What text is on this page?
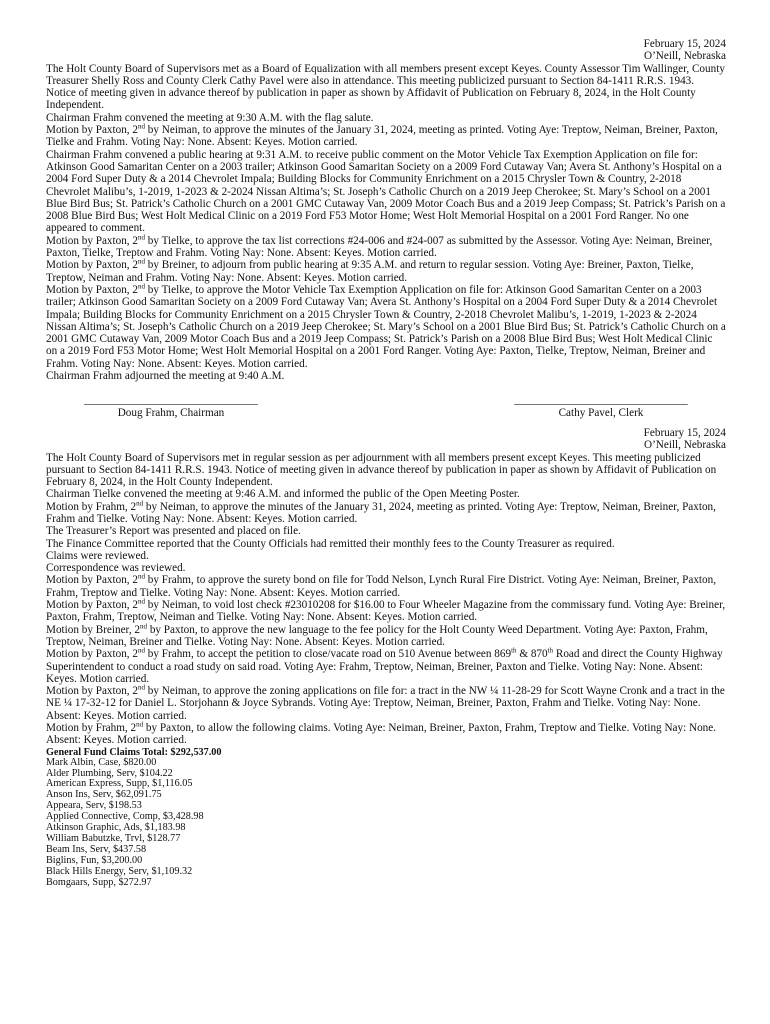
February 15, 2024

O’Neill, Nebraska

The Holt County Board of Supervisors met as a Board of Equalization with all members present except Keyes. County Assessor Tim Wallinger, County Treasurer Shelly Ross and County Clerk Cathy Pavel were also in attendance. This meeting publicized pursuant to Section 84-1411 R.R.S. 1943. Notice of meeting given in advance thereof by publication in paper as shown by Affidavit of Publication on February 8, 2024, in the Holt County Independent.

Chairman Frahm convened the meeting at 9:30 A.M. with the flag salute.

Motion by Paxton, 2nd by Neiman, to approve the minutes of the January 31, 2024, meeting as printed. Voting Aye: Treptow, Neiman, Breiner, Paxton, Tielke and Frahm. Voting Nay: None. Absent: Keyes. Motion carried.

Chairman Frahm convened a public hearing at 9:31 A.M. to receive public comment on the Motor Vehicle Tax Exemption Application on file for: Atkinson Good Samaritan Center on a 2003 trailer; Atkinson Good Samaritan Society on a 2009 Ford Cutaway Van; Avera St. Anthony’s Hospital on a 2004 Ford Super Duty & a 2014 Chevrolet Impala; Building Blocks for Community Enrichment on a 2015 Chrysler Town & Country, 2-2018 Chevrolet Malibu’s, 1-2019, 1-2023 & 2-2024 Nissan Altima’s; St. Joseph’s Catholic Church on a 2019 Jeep Cherokee; St. Mary’s School on a 2001 Blue Bird Bus; St. Patrick’s Catholic Church on a 2001 GMC Cutaway Van, 2009 Motor Coach Bus and a 2019 Jeep Compass; St. Patrick’s Parish on a 2008 Blue Bird Bus; West Holt Medical Clinic on a 2019 Ford F53 Motor Home; West Holt Memorial Hospital on a 2001 Ford Ranger. No one appeared to comment.

Motion by Paxton, 2nd by Tielke, to approve the tax list corrections #24-006 and #24-007 as submitted by the Assessor. Voting Aye: Neiman, Breiner, Paxton, Tielke, Treptow and Frahm. Voting Nay: None. Absent: Keyes. Motion carried.

Motion by Paxton, 2nd by Breiner, to adjourn from public hearing at 9:35 A.M. and return to regular session. Voting Aye: Breiner, Paxton, Tielke, Treptow, Neiman and Frahm. Voting Nay: None. Absent: Keyes. Motion carried.

Motion by Paxton, 2nd by Tielke, to approve the Motor Vehicle Tax Exemption Application on file for: Atkinson Good Samaritan Center on a 2003 trailer; Atkinson Good Samaritan Society on a 2009 Ford Cutaway Van; Avera St. Anthony’s Hospital on a 2004 Ford Super Duty & a 2014 Chevrolet Impala; Building Blocks for Community Enrichment on a 2015 Chrysler Town & Country, 2-2018 Chevrolet Malibu’s, 1-2019, 1-2023 & 2-2024 Nissan Altima’s; St. Joseph’s Catholic Church on a 2019 Jeep Cherokee; St. Mary’s School on a 2001 Blue Bird Bus; St. Patrick’s Catholic Church on a 2001 GMC Cutaway Van, 2009 Motor Coach Bus and a 2019 Jeep Compass; St. Patrick’s Parish on a 2008 Blue Bird Bus; West Holt Medical Clinic on a 2019 Ford F53 Motor Home; West Holt Memorial Hospital on a 2001 Ford Ranger. Voting Aye: Paxton, Tielke, Treptow, Neiman, Breiner and Frahm. Voting Nay: None. Absent: Keyes. Motion carried.

Chairman Frahm adjourned the meeting at 9:40 A.M.

_______________________________
Doug Frahm, Chairman
_______________________________
Cathy Pavel, Clerk

February 15, 2024

O’Neill, Nebraska

The Holt County Board of Supervisors met in regular session as per adjournment with all members present except Keyes. This meeting publicized pursuant to Section 84-1411 R.R.S. 1943. Notice of meeting given in advance thereof by publication in paper as shown by Affidavit of Publication on February 8, 2024, in the Holt County Independent.

Chairman Tielke convened the meeting at 9:46 A.M. and informed the public of the Open Meeting Poster.

Motion by Frahm, 2nd by Neiman, to approve the minutes of the January 31, 2024, meeting as printed. Voting Aye: Treptow, Neiman, Breiner, Paxton, Frahm and Tielke. Voting Nay: None. Absent: Keyes. Motion carried.

The Treasurer’s Report was presented and placed on file.

The Finance Committee reported that the County Officials had remitted their monthly fees to the County Treasurer as required.

Claims were reviewed.

Correspondence was reviewed.

Motion by Paxton, 2nd by Frahm, to approve the surety bond on file for Todd Nelson, Lynch Rural Fire District. Voting Aye: Neiman, Breiner, Paxton, Frahm, Treptow and Tielke. Voting Nay: None. Absent: Keyes. Motion carried.

Motion by Paxton, 2nd by Neiman, to void lost check #23010208 for $16.00 to Four Wheeler Magazine from the commissary fund. Voting Aye: Breiner, Paxton, Frahm, Treptow, Neiman and Tielke. Voting Nay: None. Absent: Keyes. Motion carried.

Motion by Breiner, 2nd by Paxton, to approve the new language to the fee policy for the Holt County Weed Department. Voting Aye: Paxton, Frahm, Treptow, Neiman, Breiner and Tielke. Voting Nay: None. Absent: Keyes. Motion carried.

Motion by Paxton, 2nd by Frahm, to accept the petition to close/vacate road on 510 Avenue between 869th & 870th Road and direct the County Highway Superintendent to conduct a road study on said road. Voting Aye: Frahm, Treptow, Neiman, Breiner, Paxton and Tielke. Voting Nay: None. Absent: Keyes. Motion carried.

Motion by Paxton, 2nd by Neiman, to approve the zoning applications on file for: a tract in the NW ¼ 11-28-29 for Scott Wayne Cronk and a tract in the NE ¼ 17-32-12 for Daniel L. Storjohann & Joyce Sybrands. Voting Aye: Treptow, Neiman, Breiner, Paxton, Frahm and Tielke. Voting Nay: None. Absent: Keyes. Motion carried.

Motion by Frahm, 2nd by Paxton, to allow the following claims. Voting Aye: Neiman, Breiner, Paxton, Frahm, Treptow and Tielke. Voting Nay: None. Absent: Keyes. Motion carried.

General Fund Claims Total: $292,537.00

Mark Albin, Case, $820.00

Alder Plumbing, Serv, $104.22

American Express, Supp, $1,116.05

Anson Ins, Serv, $62,091.75

Appeara, Serv, $198.53

Applied Connective, Comp, $3,428.98

Atkinson Graphic, Ads, $1,183.98

William Babutzke, Trvl, $128.77

Beam Ins, Serv, $437.58

Biglins, Fun, $3,200.00

Black Hills Energy, Serv, $1,109.32

Bomgaars, Supp, $272.97
